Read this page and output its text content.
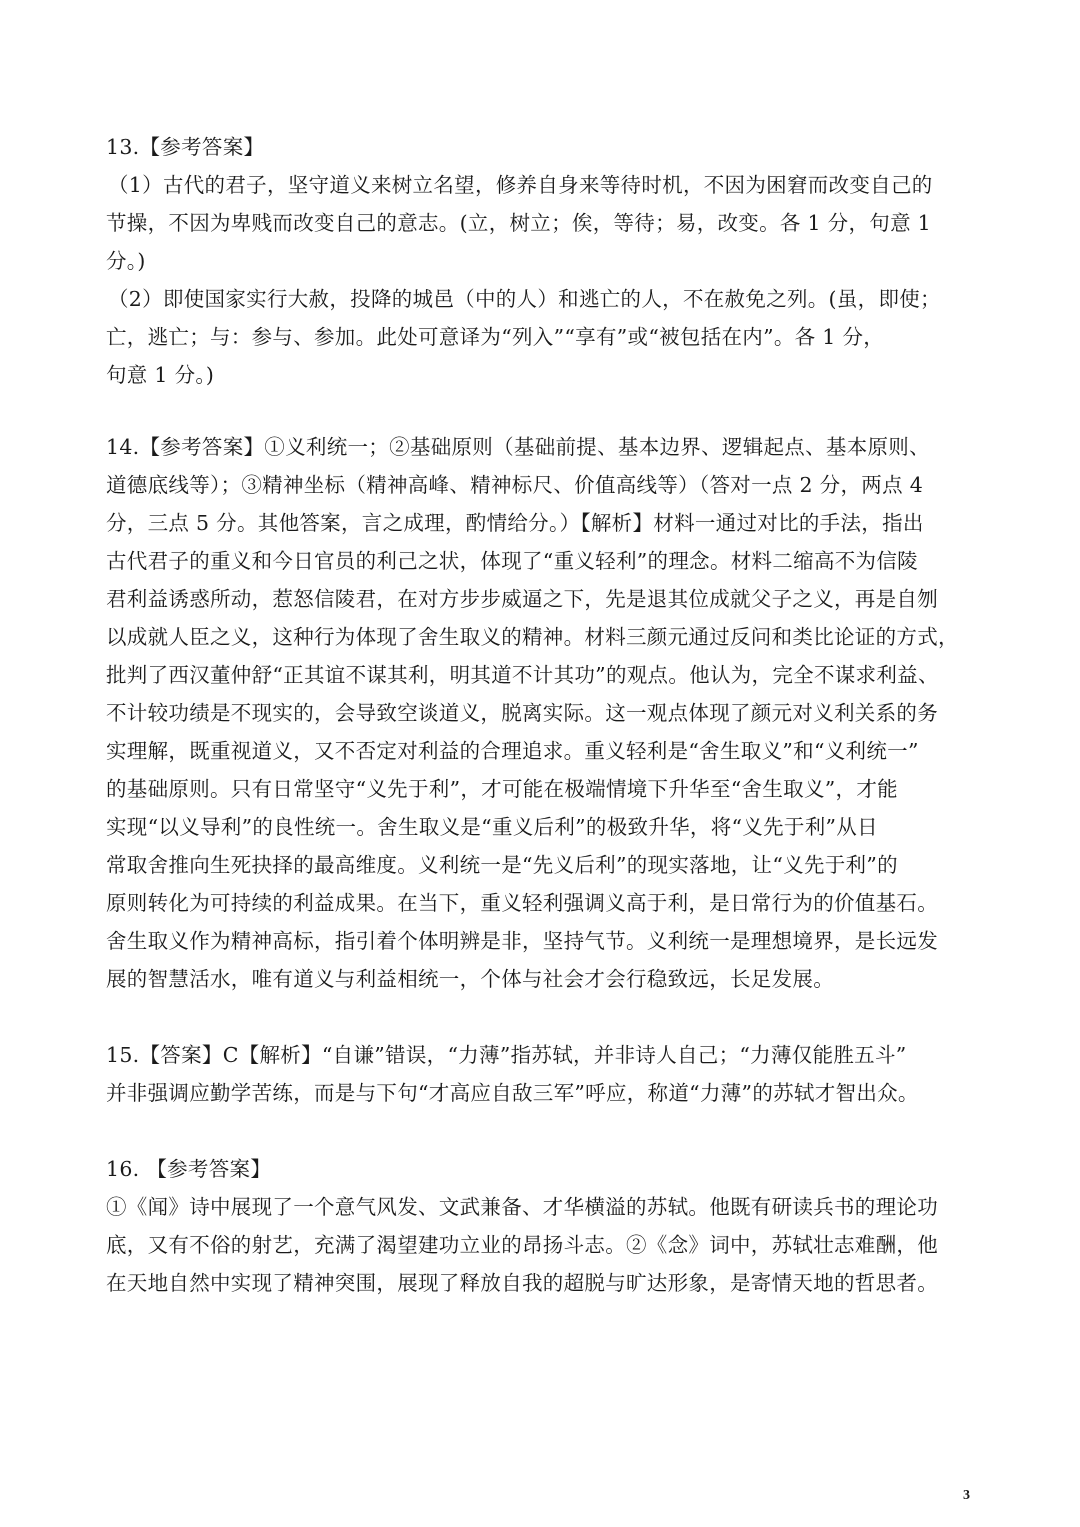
13.【参考答案】
（1）古代的君子，坚守道义来树立名望，修养自身来等待时机，不因为困窘而改变自己的
节操，不因为卑贱而改变自己的意志。(立，树立；俟，等待；易，改变。各 1 分，句意 1
分。)
（2）即使国家实行大赦，投降的城邑（中的人）和逃亡的人，不在赦免之列。(虽，即使；
亡，逃亡；与：参与、参加。此处可意译为“列入”“享有”或“被包括在内”。各 1 分，
句意 1 分。)
14.【参考答案】①义利统一；②基础原则（基础前提、基本边界、逻辑起点、基本原则、
道德底线等）；③精神坐标（精神高峰、精神标尺、价值高线等）（答对一点 2 分，两点 4
分，三点 5 分。其他答案，言之成理，酌情给分。）【解析】材料一通过对比的手法，指出
古代君子的重义和今日官员的利己之状，体现了“重义轻利”的理念。材料二缩高不为信陵
君利益诱惑所动，惹怒信陵君，在对方步步威逼之下，先是退其位成就父子之义，再是自刎
以成就人臣之义，这种行为体现了舍生取义的精神。材料三颜元通过反问和类比论证的方式，
批判了西汉董仲舒“正其谊不谋其利，明其道不计其功”的观点。他认为，完全不谋求利益、
不计较功绩是不现实的，会导致空谈道义，脱离实际。这一观点体现了颜元对义利关系的务
实理解，既重视道义，又不否定对利益的合理追求。重义轻利是“舍生取义”和“义利统一”
的基础原则。只有日常坚守“义先于利”，才可能在极端情境下升华至“舍生取义”，才能
实现“以义导利”的良性统一。舍生取义是“重义后利”的极致升华，将“义先于利”从日
常取舍推向生死抉择的最高维度。义利统一是“先义后利”的现实落地，让“义先于利”的
原则转化为可持续的利益成果。在当下，重义轻利强调义高于利，是日常行为的价值基石。
舍生取义作为精神高标，指引着个体明辨是非，坚持气节。义利统一是理想境界，是长远发
展的智慧活水，唯有道义与利益相统一，个体与社会才会行稳致远，长足发展。
15.【答案】C【解析】“自谦”错误，“力薄”指苏轼，并非诗人自己；“力薄仅能胜五斗”
并非强调应勤学苦练，而是与下句“才高应自敌三军”呼应，称道“力薄”的苏轼才智出众。
16. 【参考答案】
①《闻》诗中展现了一个意气风发、文武兼备、才华横溢的苏轼。他既有研读兵书的理论功
底，又有不俗的射艺，充满了渴望建功立业的昂扬斗志。②《念》词中，苏轼壮志难酬，他
在天地自然中实现了精神突围，展现了释放自我的超脱与旷达形象，是寄情天地的哲思者。
3
